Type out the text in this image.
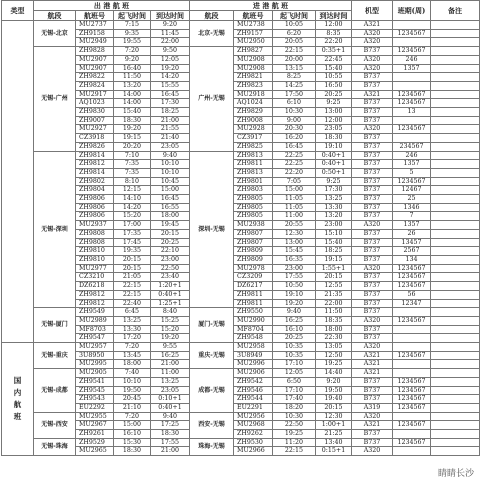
类型	出 港 航 班				进 港 航 班				机型	班期(周)	备注
	航段	航班号	起飞时间	到达时间	航段	航班号	起飞时间	到达时间			
	无锡-北京	MU2737	7:15	9:20	北京-无锡	MU2738	10:05	12:00	A321		
		ZH9158	9:35	11:45		ZH9157	6:20	8:35	A320	1234567	
		MU2949	19:55	22:00		MU2950	20:05	22:20	A320		
	无锡-广州	ZH9828	7:20	9:50	广州-无锡	ZH9827	22:15	0:35+1	B737	1234567	
		MU2907	9:20	12:05		MU2908	20:00	22:45	A320	246	
		MU2907	16:40	19:20		MU2908	13:15	15:40	A320	1357	
		ZH9822	11:50	14:20		ZH9821	8:25	10:55	B737		
		ZH9824	13:20	15:55		ZH9823	14:25	16:50	B737		
		MU2917	14:00	16:45		MU2918	17:50	20:25	A321	1234567	
		AQ1023	14:00	17:30		AQ1024	6:10	9:25	B737	1234567	
		ZH9830	15:40	18:25		ZH9829	10:30	13:00	B737	13	
		ZH9007	18:30	21:00		ZH9008	9:00	12:00	B737		
		MU2927	19:20	21:55		MU2928	20:30	23:05	A320	1234567	
		CZ3918	19:15	21:40		CZ3917	16:20	18:30	B737		
		ZH9826	20:20	23:05		ZH9825	16:45	19:10	B737	234567	
	无锡-深圳	ZH9814	7:10	9:40	深圳-无锡	ZH9813	22:25	0:40+1	B737	246	
		ZH9812	7:35	10:10		ZH9811	22:25	0:40+1	B737	1357	
		ZH9814	7:35	10:10		ZH9813	22:20	0:50+1	B737	5	
		ZH9802	8:10	10:45		ZH9801	7:05	9:25	B737	1234567	
		ZH9804	12:15	15:00		ZH9803	15:00	17:30	B737	12467	
		ZH9806	14:10	16:45		ZH9805	11:05	13:25	B737	25	
		ZH9806	14:20	16:55		ZH9805	11:05	13:30	B737	1346	
		ZH9806	15:20	18:00		ZH9805	11:00	13:20	B737	7	
		MU2937	17:00	19:45		MU2938	20:55	23:00	A320	1357	
		ZH9808	17:35	20:15		ZH9807	12:30	15:10	B737	26	
		ZH9808	17:45	20:25		ZH9807	13:00	15:40	B737	13457	
		ZH9810	19:35	22:10		ZH9809	15:45	18:25	B737	2567	
		ZH9810	20:15	23:00		ZH9809	16:35	19:15	B737	134	
		MU2977	20:15	22:50		MU2978	23:00	1:55+1	A320	1234567	
		CZ3210	21:05	23:40		CZ3209	17:55	20:15	B737	1234567	
		DZ6218	22:15	1:20+1		DZ6217	10:50	12:55	B737	1234567	
		ZH9812	22:15	0:40+1		ZH9811	19:10	21:35	B737	56	
		ZH9812	22:40	1:25+1		ZH9811	19:20	22:00	B737	12347	
	无锡-厦门	ZH9549	6:45	8:40	厦门-无锡	ZH9550	9:40	11:50	B737		
		MU2989	13:25	15:25		MU2990	16:25	18:35	A320	1234567	
		MF8703	13:30	15:20		MF8704	16:10	18:00	B737		
		ZH9547	17:20	19:20		ZH9548	20:25	22:30	B737		
国
内
航
班	无锡-重庆	MU2957	7:20	9:55	重庆-无锡	MU2958	10:35	13:05	A320		
		3U8950	13:45	16:25		3U8949	10:35	12:50	A321	1234567	
		MU2995	18:00	21:00		MU2996	17:10	19:25	A321		
	无锡-成都	MU2905	7:40	11:00	成都-无锡	MU2906	12:05	14:40	A321		
		ZH9541	10:10	13:25		ZH9542	6:50	9:20	B737	1234567	
		ZH9545	19:50	23:05		ZH9546	17:10	19:50	B737	1234567	
		ZH9543	20:45	0:10+1		ZH9544	17:40	19:40	B737	1234567	
		EU2292	21:10	0:40+1		EU2291	18:20	20:15	A319	1234567	
	无锡-西安	MU2955	7:20	9:40	西安-无锡	MU2956	10:30	12:30	A320		
		MU2967	15:00	17:25		MU2968	22:50	1:00+1	A321	1234567	
		ZH9261	16:10	18:30		ZH9262	19:25	21:25	B737		
	无锡-珠海	ZH9529	15:30	17:55	珠海-无锡	ZH9530	11:20	13:40	B737	1234567	
		MU2965	18:30	21:00		MU2966	22:15	0:15+1	A320		
睛睛长沙
